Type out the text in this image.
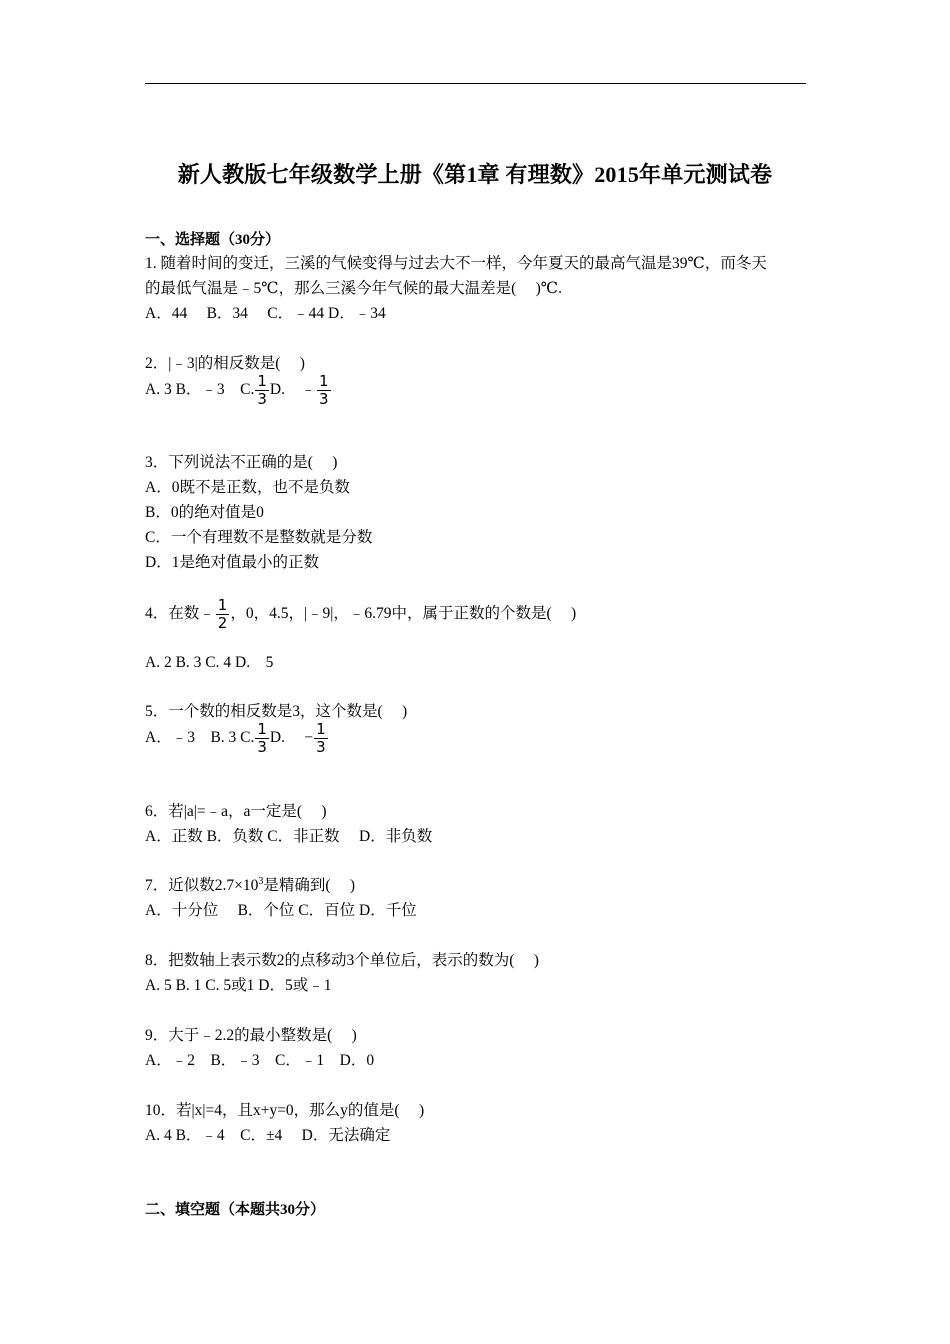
新人教版七年级数学上册《第1章 有理数》2015年单元测试卷
一、选择题（30分）
1. 随着时间的变迁，三溪的气候变得与过去大不一样，今年夏天的最高气温是39℃，而冬天
的最低气温是﹣5℃，那么三溪今年气候的最大温差是(　 )℃.
A．44　 B．34　 C．﹣44 D．﹣34
2．|﹣3|的相反数是(　 )
A. 3 B．﹣3　C. $\frac{1}{3} D$.　﹣ $\frac{1}{3}$
3．下列说法不正确的是(　 )
A．0既不是正数，也不是负数
B．0的绝对值是0
C．一个有理数不是整数就是分数
D．1是绝对值最小的正数
4．在数﹣ $\frac{1}{2}$ ，0，4.5，|﹣9|，﹣6.79中，属于正数的个数是(　 )
A. 2 B. 3 C. 4 D.　5
5．一个数的相反数是3，这个数是(　 )
A．﹣3　B. 3 C. $\frac{1}{3} D$.　 − $\frac{1}{3}$
6．若|a|=﹣a，a一定是(　 )
A．正数 B．负数 C．非正数　 D．非负数
7．近似数$2.7\times 10^3$是精确到(　 )
A．十分位　 B．个位 C．百位 D．千位
8．把数轴上表示数2的点移动3个单位后，表示的数为(　 )
A. 5 B. 1 C. 5或1 D．5或﹣1
9．大于﹣2.2的最小整数是(　 )
A．﹣2　B．﹣3　C．﹣1　D．0
10．若|x|=4，且x+y=0，那么y的值是(　 )
A. 4 B．﹣4　C．±4　 D．无法确定
二、填空题（本题共30分）
